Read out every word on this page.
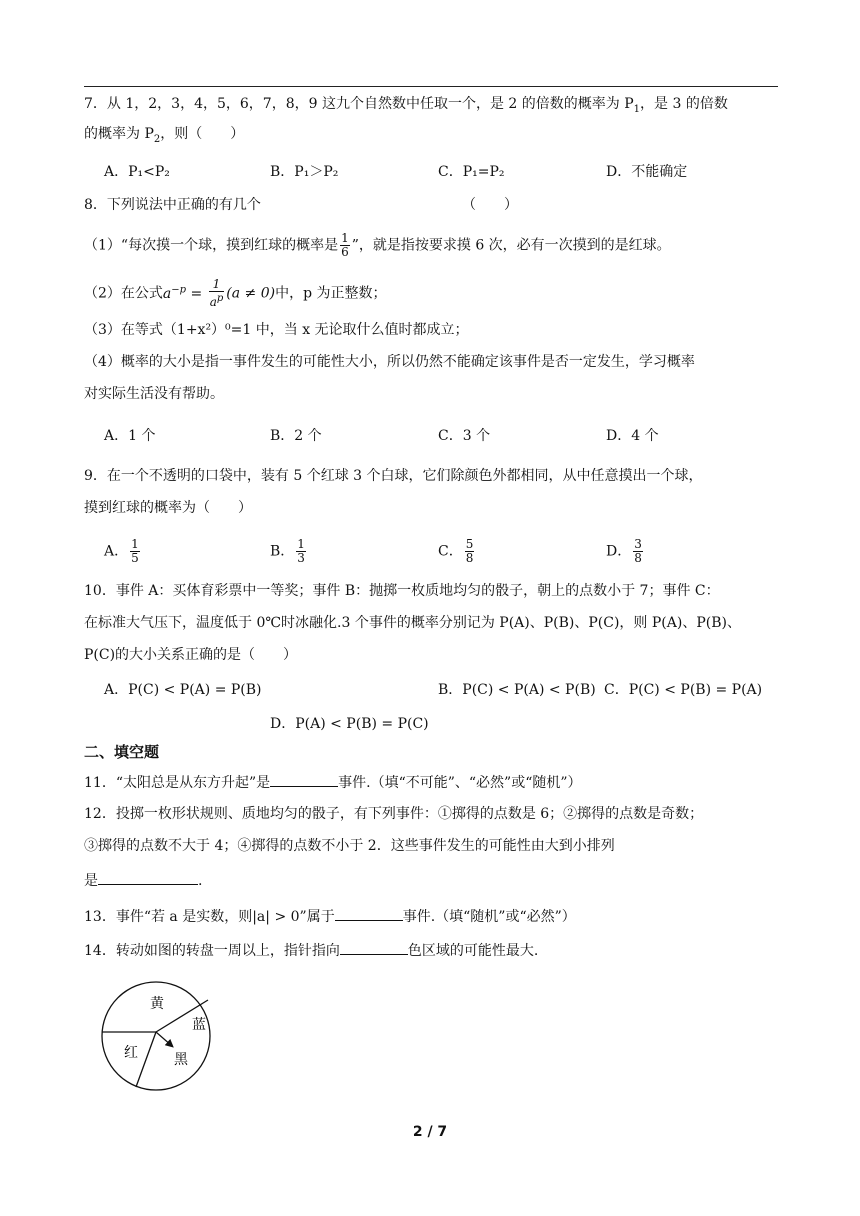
7．从 1，2，3，4，5，6，7，8，9 这九个自然数中任取一个，是 2 的倍数的概率为 $P_1$，是 3 的倍数
的概率为 $P_2$，则（　　）
A．P₁<P₂	B．P₁＞P₂	C．P₁=P₂	D．不能确定
8．下列说法中正确的有几个	（　　）
（1）“每次摸一个球，摸到红球的概率是 $\frac{1}{6}$ ”，就是指按要求摸 6 次，必有一次摸到的是红球。
（2）在公式$a^{-p} = \frac{1}{a^p} (a \ne 0)$中，p 为正整数；
（3）在等式（1+x²）⁰=1 中，当 x 无论取什么值时都成立；
（4）概率的大小是指一事件发生的可能性大小，所以仍然不能确定该事件是否一定发生，学习概率
对实际生活没有帮助。
A．1 个	B．2 个	C．3 个	D．4 个
9．在一个不透明的口袋中，装有 5 个红球 3 个白球，它们除颜色外都相同，从中任意摸出一个球，
摸到红球的概率为（　　）
A． $\frac{1}{5}$	B． $\frac{1}{3}$	C． $\frac{5}{8}$	D． $\frac{3}{8}$
10．事件 A：买体育彩票中一等奖；事件 B：抛掷一枚质地均匀的骰子，朝上的点数小于 7；事件 C：
在标准大气压下，温度低于 0℃时冰融化.3 个事件的概率分别记为 P(A)、P(B)、P(C)，则 P(A)、P(B)、
P(C)的大小关系正确的是（　　）
A．P(C) < P(A) = P(B)	B．P(C) < P(A) < P(B) C．P(C) < P(B) = P(A)
D．P(A) < P(B) = P(C)
二、填空题
11．“太阳总是从东方升起”是	事件.（填“不可能”、“必然”或“随机”）
12．投掷一枚形状规则、质地均匀的骰子，有下列事件：①掷得的点数是 6；②掷得的点数是奇数；
③掷得的点数不大于 4；④掷得的点数不小于 2．这些事件发生的可能性由大到小排列
是	.
13．事件“若 a 是实数，则|a| > 0”属于	事件.（填“随机”或“必然”）
14．转动如图的转盘一周以上，指针指向	色区域的可能性最大.
黄
蓝
红	黑
2 / 7
